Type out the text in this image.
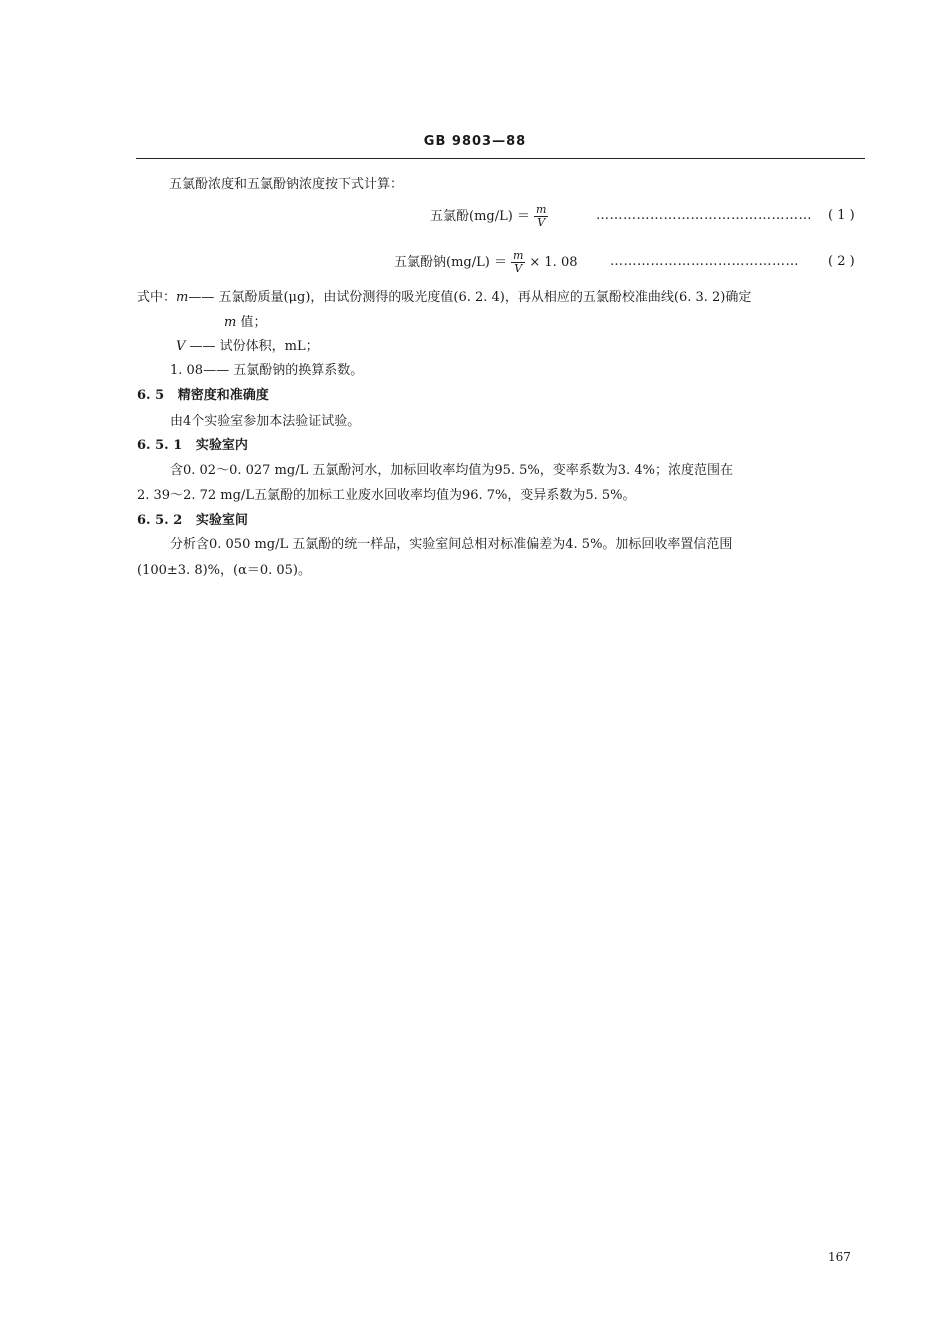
GB 9803—88
五氯酚浓度和五氯酚钠浓度按下式计算：
五氯酚$(mg/L) = \frac{m}{V}$	………………………………………… ( 1 )
五氯酚钠$(mg/L) = \frac{m}{V} \times 1$. 08	…………………………………… ( 2 )
式中：m—— 五氯酚质量(μg)，由试份测得的吸光度值(6. 2. 4)，再从相应的五氯酚校准曲线(6. 3. 2)确定
m 值；
V —— 试份体积，mL；
1. 08—— 五氯酚钠的换算系数。
6. 5 精密度和准确度
由4个实验室参加本法验证试验。
6. 5. 1 实验室内
含0. 02～0. 027 mg/L 五氯酚河水，加标回收率均值为95. 5%，变率系数为3. 4%；浓度范围在
2. 39～2. 72 mg/L五氯酚的加标工业废水回收率均值为96. 7%，变异系数为5. 5%。
6. 5. 2 实验室间
分析含0. 050 mg/L 五氯酚的统一样品，实验室间总相对标准偏差为4. 5%。加标回收率置信范围
(100±3. 8)%，(α＝0. 05)。
167
